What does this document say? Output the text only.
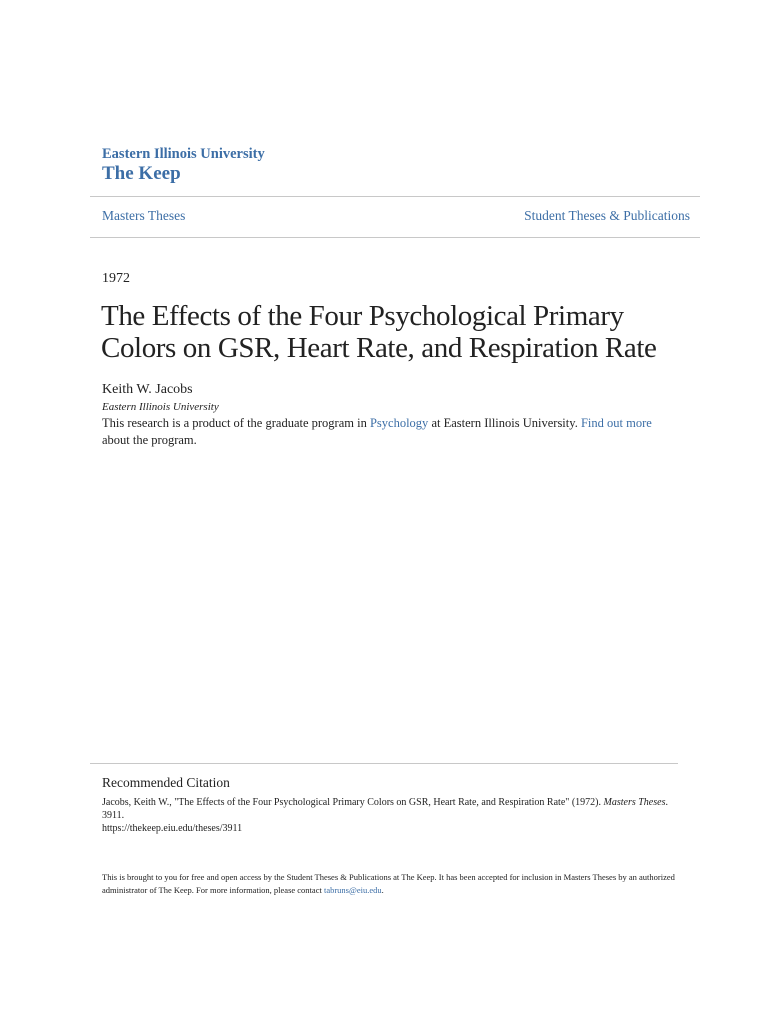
Eastern Illinois University
The Keep
Masters Theses	Student Theses & Publications
1972
The Effects of the Four Psychological Primary
Colors on GSR, Heart Rate, and Respiration Rate
Keith W. Jacobs
Eastern Illinois University
This research is a product of the graduate program in Psychology at Eastern Illinois University. Find out more about the program.
Recommended Citation
Jacobs, Keith W., "The Effects of the Four Psychological Primary Colors on GSR, Heart Rate, and Respiration Rate" (1972). Masters Theses. 3911.
https://thekeep.eiu.edu/theses/3911
This is brought to you for free and open access by the Student Theses & Publications at The Keep. It has been accepted for inclusion in Masters Theses by an authorized administrator of The Keep. For more information, please contact tabruns@eiu.edu.
